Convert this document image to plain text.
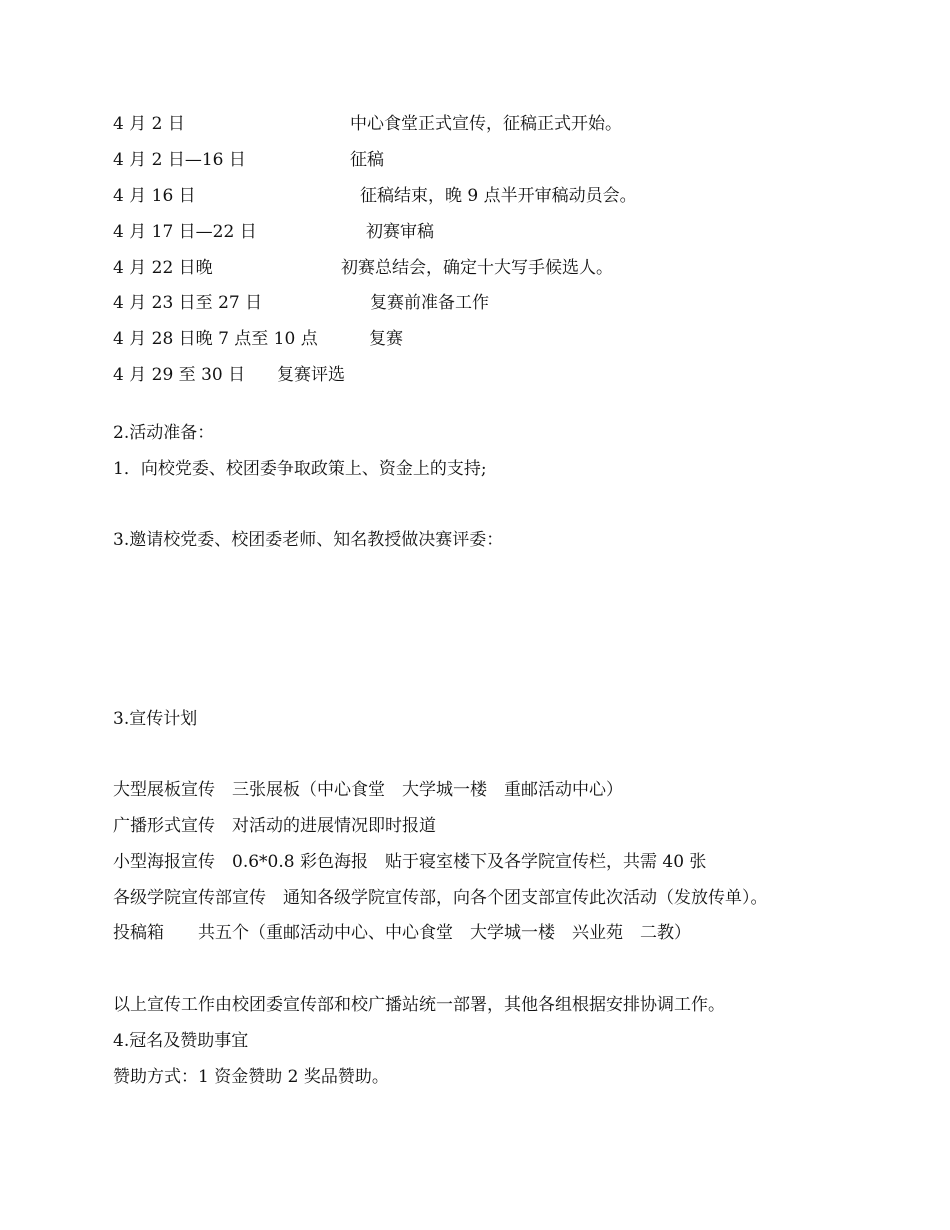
4 月 2 日	中心食堂正式宣传，征稿正式开始。
4 月 2 日—16 日	征稿
4 月 16 日	征稿结束，晚 9 点半开审稿动员会。
4 月 17 日—22 日	初赛审稿
4 月 22 日晚	初赛总结会，确定十大写手候选人。
4 月 23 日至 27 日	复赛前准备工作
4 月 28 日晚 7 点至 10 点	复赛
4 月 29 至 30 日 复赛评选
2.活动准备：
1．向校党委、校团委争取政策上、资金上的支持;
3.邀请校党委、校团委老师、知名教授做决赛评委：
3.宣传计划
大型展板宣传　三张展板（中心食堂　大学城一楼　重邮活动中心）
广播形式宣传　对活动的进展情况即时报道
小型海报宣传　0.6*0.8 彩色海报　贴于寝室楼下及各学院宣传栏，共需 40 张
各级学院宣传部宣传　通知各级学院宣传部，向各个团支部宣传此次活动（发放传单）。
投稿箱　　共五个（重邮活动中心、中心食堂　大学城一楼　兴业苑　二教）
以上宣传工作由校团委宣传部和校广播站统一部署，其他各组根据安排协调工作。
4.冠名及赞助事宜
赞助方式：1 资金赞助 2 奖品赞助。
